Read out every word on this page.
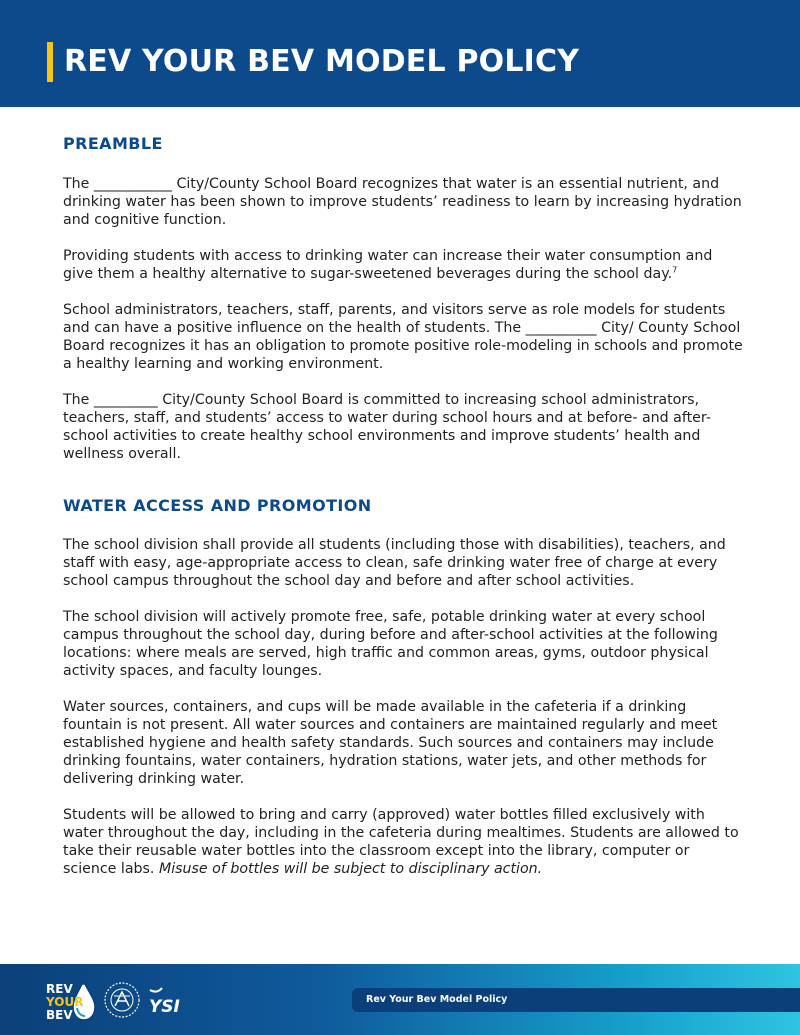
REV YOUR BEV MODEL POLICY
PREAMBLE

The ___________ City/County School Board recognizes that water is an essential nutrient, and drinking water has been shown to improve students’ readiness to learn by increasing hydration and cognitive function.

Providing students with access to drinking water can increase their water consumption and give them a healthy alternative to sugar-sweetened beverages during the school day.$^7$

School administrators, teachers, staff, parents, and visitors serve as role models for students and can have a positive influence on the health of students. The __________ City/ County School Board recognizes it has an obligation to promote positive role-modeling in schools and promote a healthy learning and working environment.

The _________ City/County School Board is committed to increasing school administrators, teachers, staff, and students’ access to water during school hours and at before- and after-school activities to create healthy school environments and improve students’ health and wellness overall.

WATER ACCESS AND PROMOTION

The school division shall provide all students (including those with disabilities), teachers, and staff with easy, age-appropriate access to clean, safe drinking water free of charge at every school campus throughout the school day and before and after school activities.

The school division will actively promote free, safe, potable drinking water at every school campus throughout the school day, during before and after-school activities at the following locations: where meals are served, high traffic and common areas, gyms, outdoor physical activity spaces, and faculty lounges.

Water sources, containers, and cups will be made available in the cafeteria if a drinking fountain is not present. All water sources and containers are maintained regularly and meet established hygiene and health safety standards. Such sources and containers may include drinking fountains, water containers, hydration stations, water jets, and other methods for delivering drinking water.

Students will be allowed to bring and carry (approved) water bottles filled exclusively with water throughout the day, including in the cafeteria during mealtimes. Students are allowed to take their reusable water bottles into the classroom except into the library, computer or science labs. Misuse of bottles will be subject to disciplinary action.

REV
YOUR
BEV	YSI	Rev Your Bev Model Policy
